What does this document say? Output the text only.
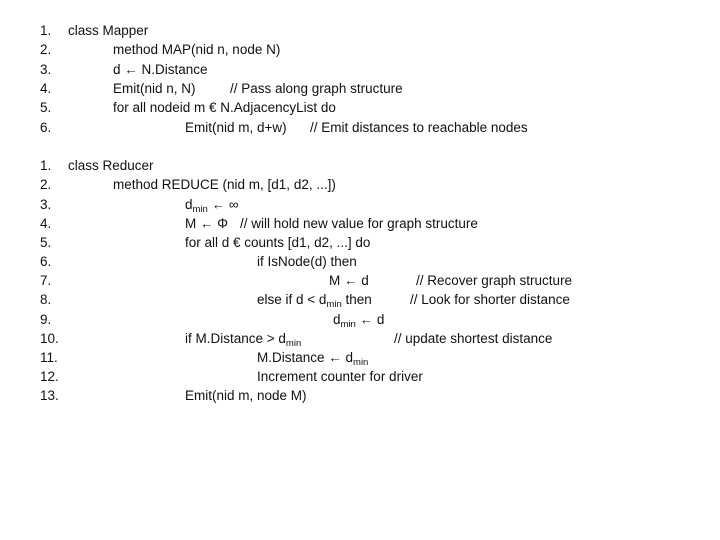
1. class Mapper
2.	method MAP(nid n, node N)
3.	d ← N.Distance
4.	Emit(nid n, N)	// Pass along graph structure
5.	for all nodeid m € N.AdjacencyList do
6.	Emit(nid m, d+w) // Emit distances to reachable nodes
1. class Reducer
2.	method REDUCE (nid m, [d1, d2, ...])
3.	$d_{min}$ ← ∞
4.	M ← Φ // will hold new value for graph structure
5.	for all d € counts [d1, d2, ...] do
6.	if IsNode(d) then
7.	M ← d	// Recover graph structure
8.	else if $d < d_{min}$ then	// Look for shorter distance
9.	$d_{min}$ ← d
10.	if M.Distance > $d_{min}$	// update shortest distance
11.	M.Distance ← $d_{min}$
12.	Increment counter for driver
13.	Emit(nid m, node M)
